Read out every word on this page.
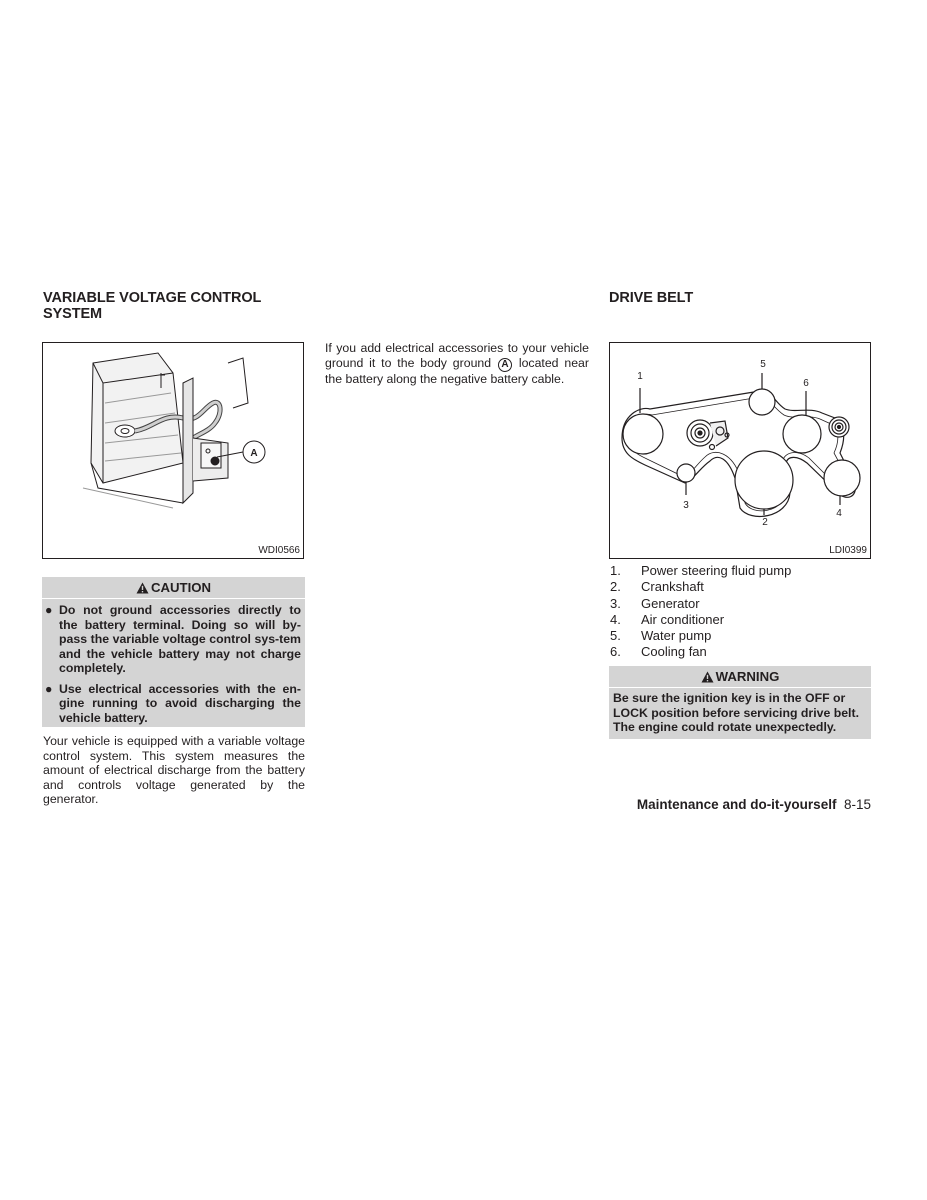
VARIABLE VOLTAGE CONTROL
SYSTEM
A
WDI0566
CAUTION
● Do not ground accessories directly to the battery terminal. Doing so will by-pass the variable voltage control sys-tem and the vehicle battery may not charge completely.
● Use electrical accessories with the en-gine running to avoid discharging the vehicle battery.

Your vehicle is equipped with a variable voltage control system. This system measures the amount of electrical discharge from the battery and controls voltage generated by the generator.

If you add electrical accessories to your vehicle ground it to the body ground A located near the battery along the negative battery cable.

DRIVE BELT
1
5
6
3
2
4
LDI0399
1. Power steering fluid pump
2. Crankshaft
3. Generator
4. Air conditioner
5. Water pump
6. Cooling fan
WARNING
Be sure the ignition key is in the OFF or LOCK position before servicing drive belt. The engine could rotate unexpectedly.
Maintenance and do-it-yourself 8-15
